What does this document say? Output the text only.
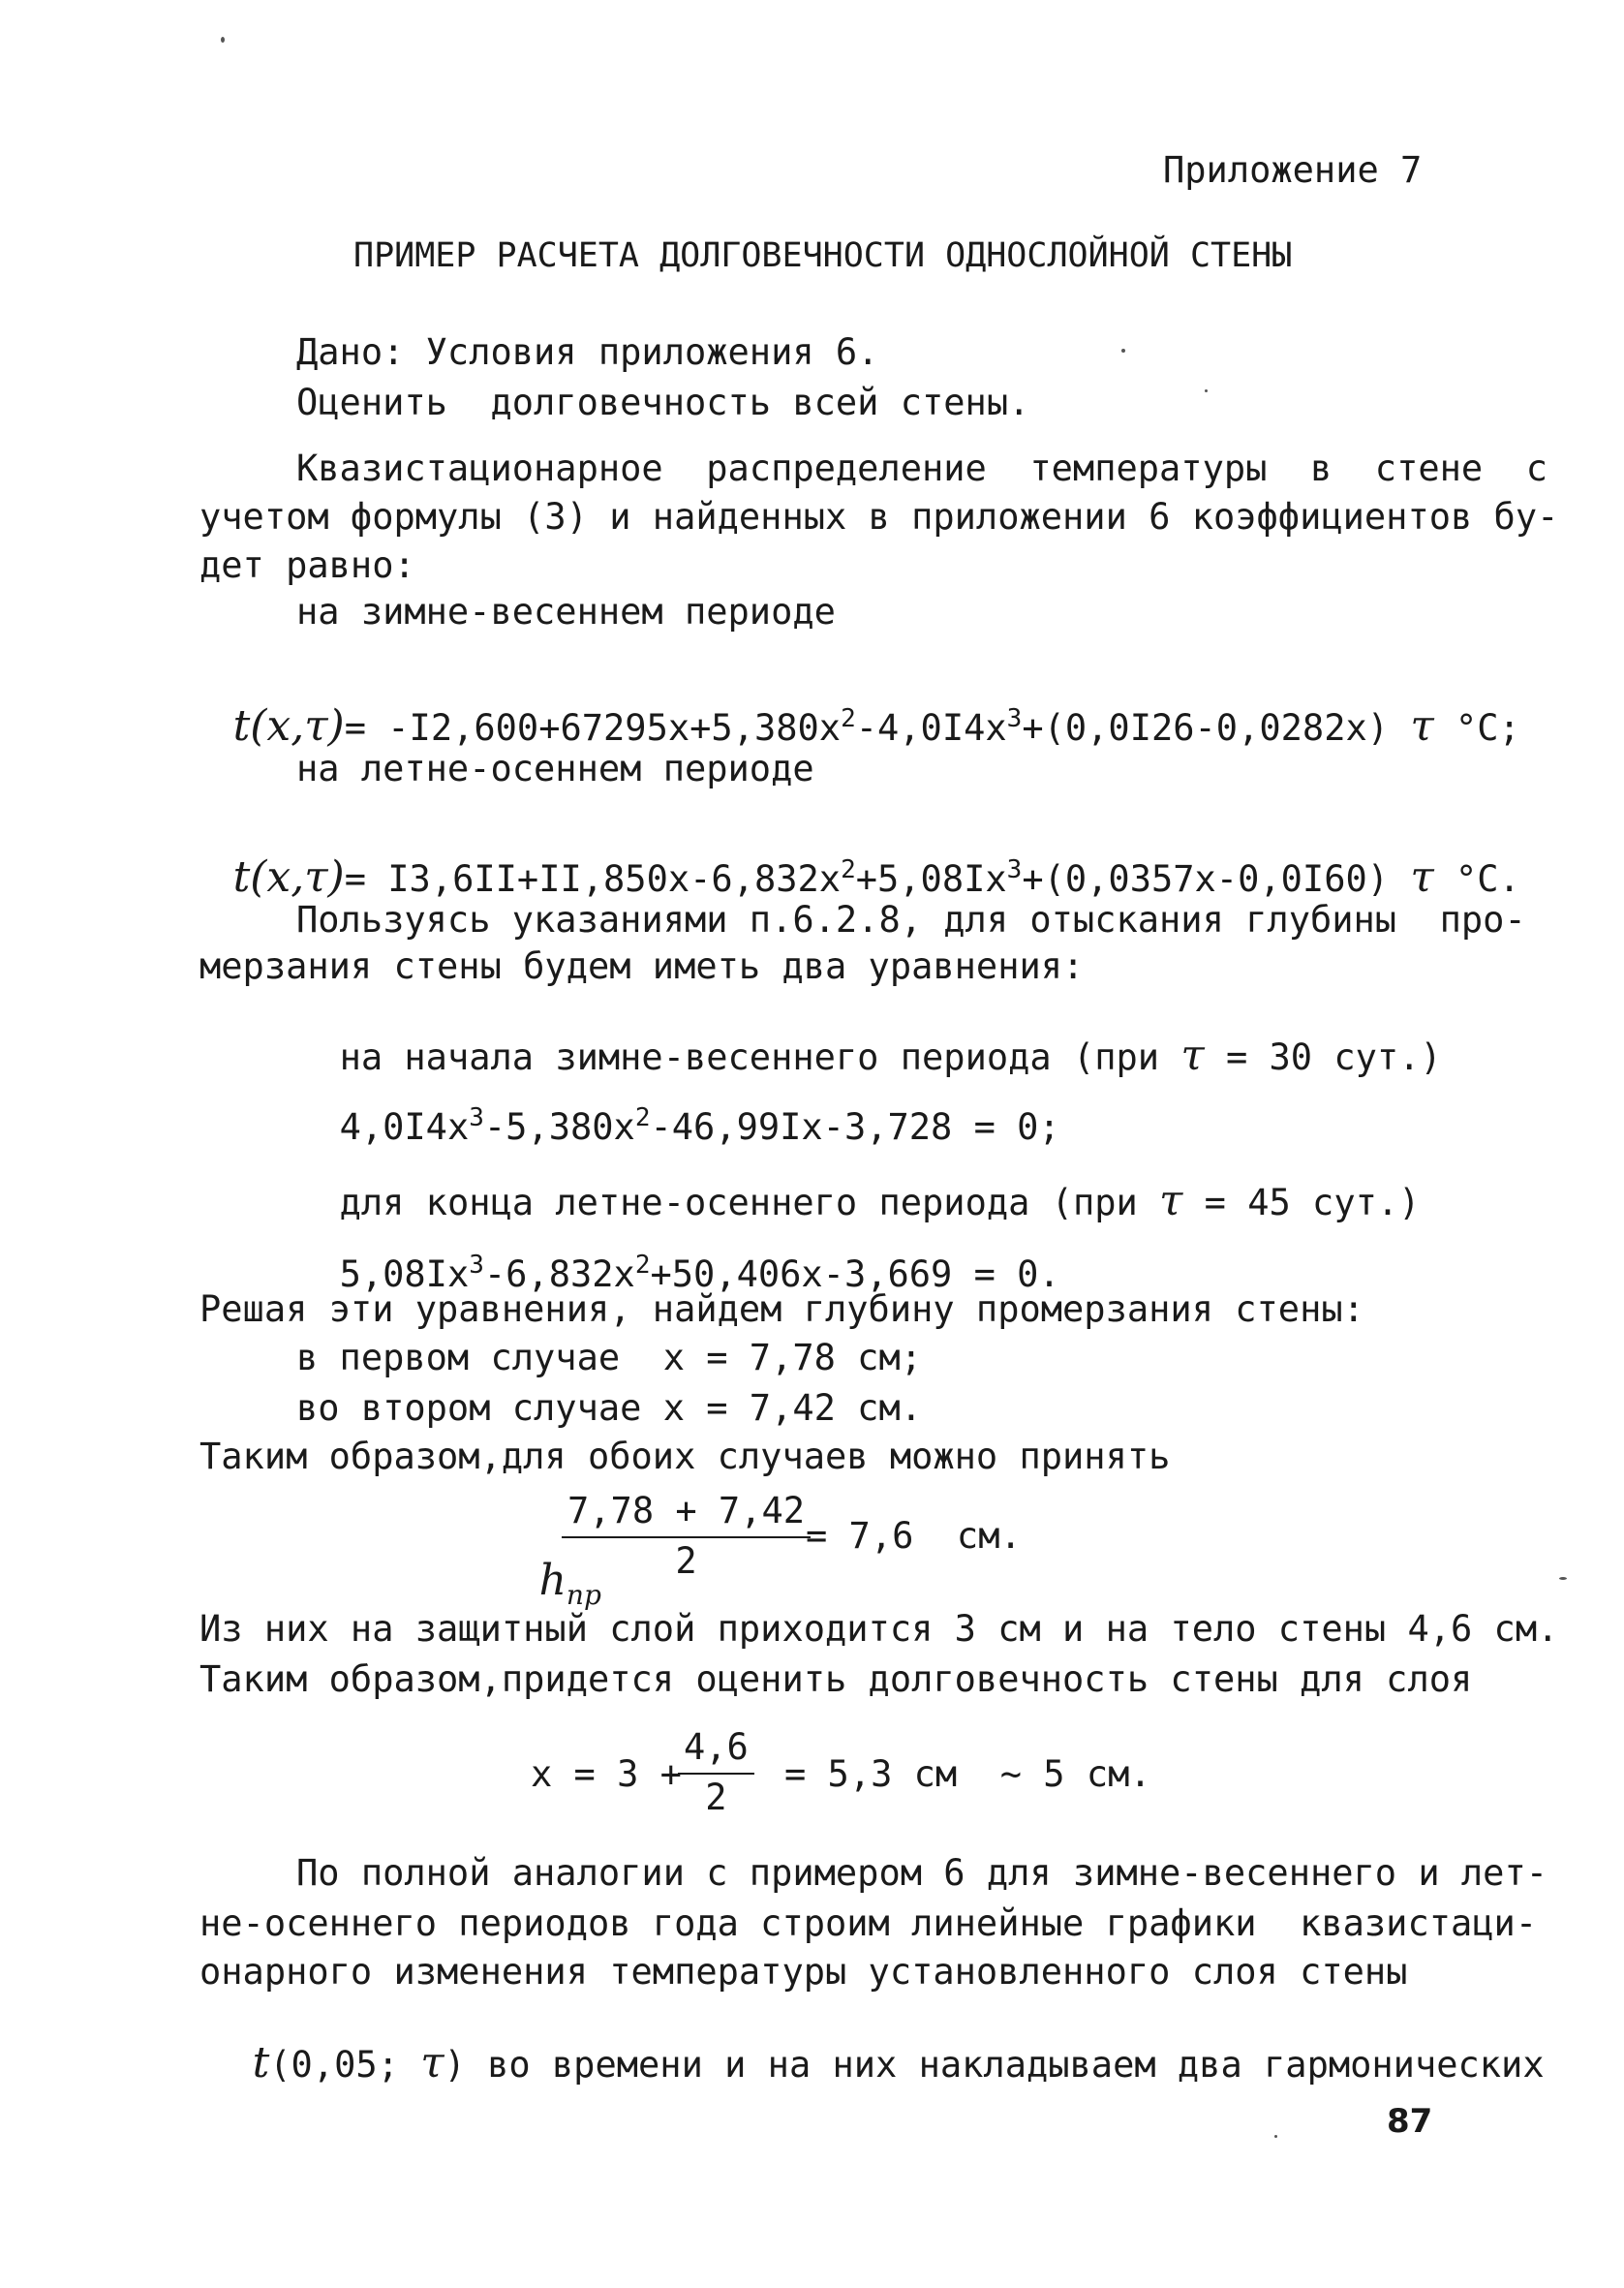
Приложение 7
ПРИМЕР РАСЧЕТА ДОЛГОВЕЧНОСТИ ОДНОСЛОЙНОЙ СТЕНЫ
Дано: Условия приложения 6.
Оценить  долговечность всей стены.
Квазистационарное  распределение  температуры  в  стене  с
учетом формулы (3) и найденных в приложении 6 коэффициентов бу-
дет равно:
на зимне-весеннем периоде

$t(x,\tau)= -I2,600+67295x+5,380x^2-4,0I4x^3+(0,0I26-0,0282x)$ τ °С;

на летне-осеннем периоде

$t(x,\tau)= I3,6II+II,850x-6,832x^2+5,08Ix^3+(0,0357x-0,0I60)$ τ °С.

Пользуясь указаниями п.6.2.8, для отыскания глубины  про-
мерзания стены будем иметь два уравнения:

на начала зимне-весеннего периода (при τ = 30 сут.)

$4,0I4x^3-5,380x^2-46,99Ix-3,728 = 0$;

для конца летне-осеннего периода (при τ = 45 сут.)

$5,08Ix^3-6,832x^2+50,406x-3,669 = 0$.

Решая эти уравнения, найдем глубину промерзания стены:
в первом случае  x = 7,78 см;
во втором случае x = 7,42 см.
Таким образом,для обоих случаев можно принять

$h_{пр}$

$\frac{7,78 + 7,42}{2}$
= 7,6  см.
Из них на защитный слой приходится 3 см и на тело стены 4,6 см.
Таким образом,придется оценить долговечность стены для слоя
x = 3 +
$\frac{4,6}{2} = 5,3$ см  ~ 5 см.
По полной аналогии с примером 6 для зимне-весеннего и лет-
не-осеннего периодов года строим линейные графики  квазистаци-
онарного изменения температуры установленного слоя стены

t(0,05; τ) во времени и на них накладываем два гармонических

87
